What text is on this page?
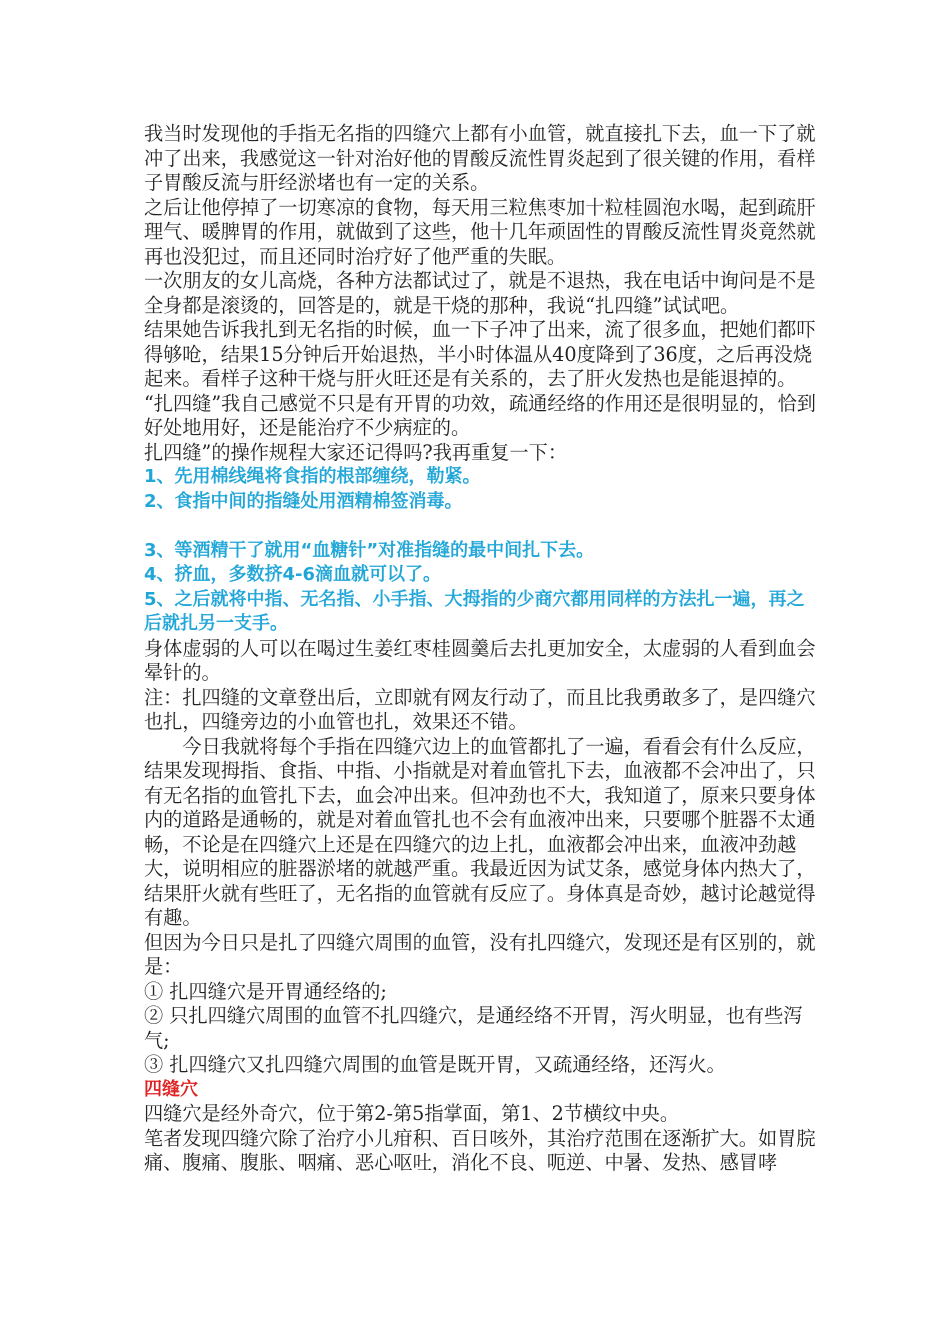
我当时发现他的手指无名指的四缝穴上都有小血管，就直接扎下去，血一下了就冲了出来，我感觉这一针对治好他的胃酸反流性胃炎起到了很关键的作用，看样子胃酸反流与肝经淤堵也有一定的关系。

之后让他停掉了一切寒凉的食物，每天用三粒焦枣加十粒桂圆泡水喝，起到疏肝理气、暖脾胃的作用，就做到了这些，他十几年顽固性的胃酸反流性胃炎竟然就再也没犯过，而且还同时治疗好了他严重的失眠。

一次朋友的女儿高烧，各种方法都试过了，就是不退热，我在电话中询问是不是全身都是滚烫的，回答是的，就是干烧的那种，我说“扎四缝”试试吧。

结果她告诉我扎到无名指的时候，血一下子冲了出来，流了很多血，把她们都吓得够呛，结果15分钟后开始退热，半小时体温从40度降到了36度，之后再没烧起来。看样子这种干烧与肝火旺还是有关系的，去了肝火发热也是能退掉的。

“扎四缝”我自己感觉不只是有开胃的功效，疏通经络的作用还是很明显的，恰到好处地用好，还是能治疗不少病症的。

扎四缝”的操作规程大家还记得吗?我再重复一下：

1、先用棉线绳将食指的根部缠绕，勒紧。

2、食指中间的指缝处用酒精棉签消毒。

3、等酒精干了就用“血糖针”对准指缝的最中间扎下去。

4、挤血，多数挤4-6滴血就可以了。

5、之后就将中指、无名指、小手指、大拇指的少商穴都用同样的方法扎一遍，再之后就扎另一支手。

身体虚弱的人可以在喝过生姜红枣桂圆羹后去扎更加安全，太虚弱的人看到血会晕针的。

注：扎四缝的文章登出后，立即就有网友行动了，而且比我勇敢多了，是四缝穴也扎，四缝旁边的小血管也扎，效果还不错。

今日我就将每个手指在四缝穴边上的血管都扎了一遍，看看会有什么反应，结果发现拇指、食指、中指、小指就是对着血管扎下去，血液都不会冲出了，只有无名指的血管扎下去，血会冲出来。但冲劲也不大，我知道了，原来只要身体内的道路是通畅的，就是对着血管扎也不会有血液冲出来，只要哪个脏器不太通畅，不论是在四缝穴上还是在四缝穴的边上扎，血液都会冲出来，血液冲劲越大，说明相应的脏器淤堵的就越严重。我最近因为试艾条，感觉身体内热大了，结果肝火就有些旺了，无名指的血管就有反应了。身体真是奇妙，越讨论越觉得有趣。

但因为今日只是扎了四缝穴周围的血管，没有扎四缝穴，发现还是有区别的，就是：

① 扎四缝穴是开胃通经络的;

② 只扎四缝穴周围的血管不扎四缝穴，是通经络不开胃，泻火明显，也有些泻气;

③ 扎四缝穴又扎四缝穴周围的血管是既开胃，又疏通经络，还泻火。

四缝穴

四缝穴是经外奇穴，位于第2-第5指掌面，第1、2节横纹中央。

笔者发现四缝穴除了治疗小儿疳积、百日咳外，其治疗范围在逐渐扩大。如胃脘痛、腹痛、腹胀、咽痛、恶心呕吐，消化不良、呃逆、中暑、发热、感冒哮
